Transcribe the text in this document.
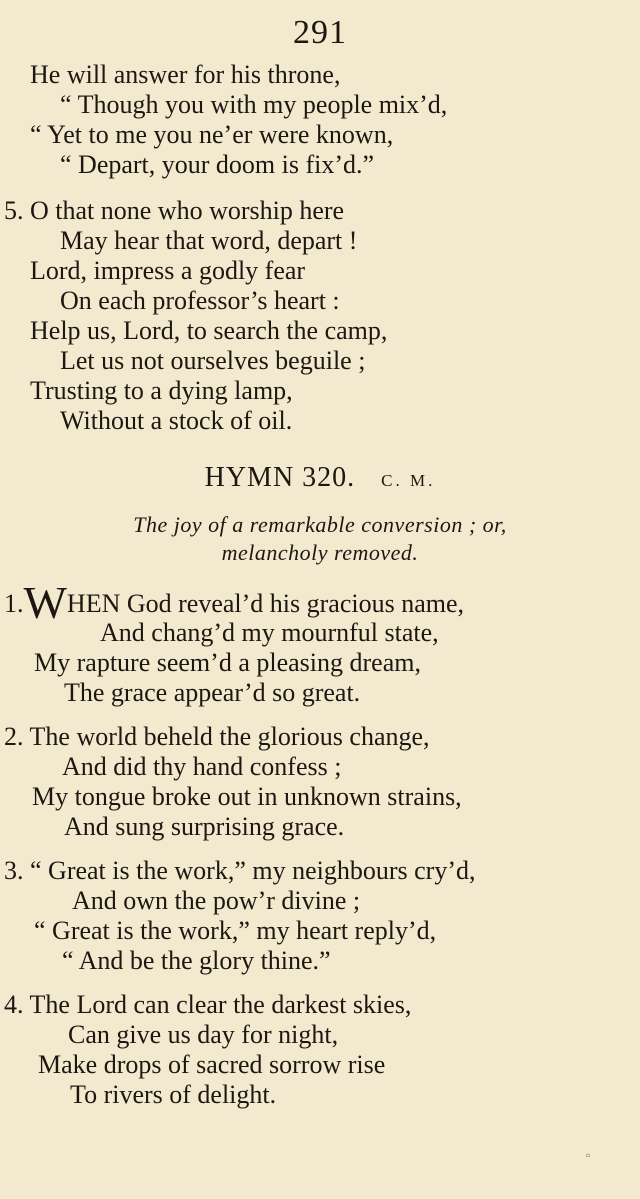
291
He will answer for his throne,
“ Though you with my people mix’d,
“ Yet to me you ne’er were known,
“ Depart, your doom is fix’d.”
5. O that none who worship here
May hear that word, depart !
Lord, impress a godly fear
On each professor’s heart :
Help us, Lord, to search the camp,
Let us not ourselves beguile ;
Trusting to a dying lamp,
Without a stock of oil.
HYMN 320. C. M.
The joy of a remarkable conversion ; or,
melancholy removed.
1.WHEN God reveal’d his gracious name,
And chang’d my mournful state,
My rapture seem’d a pleasing dream,
The grace appear’d so great.
2. The world beheld the glorious change,
And did thy hand confess ;
My tongue broke out in unknown strains,
And sung surprising grace.
3. “ Great is the work,” my neighbours cry’d,
And own the pow’r divine ;
“ Great is the work,” my heart reply’d,
“ And be the glory thine.”
4. The Lord can clear the darkest skies,
Can give us day for night,
Make drops of sacred sorrow rise
To rivers of delight.
▫
